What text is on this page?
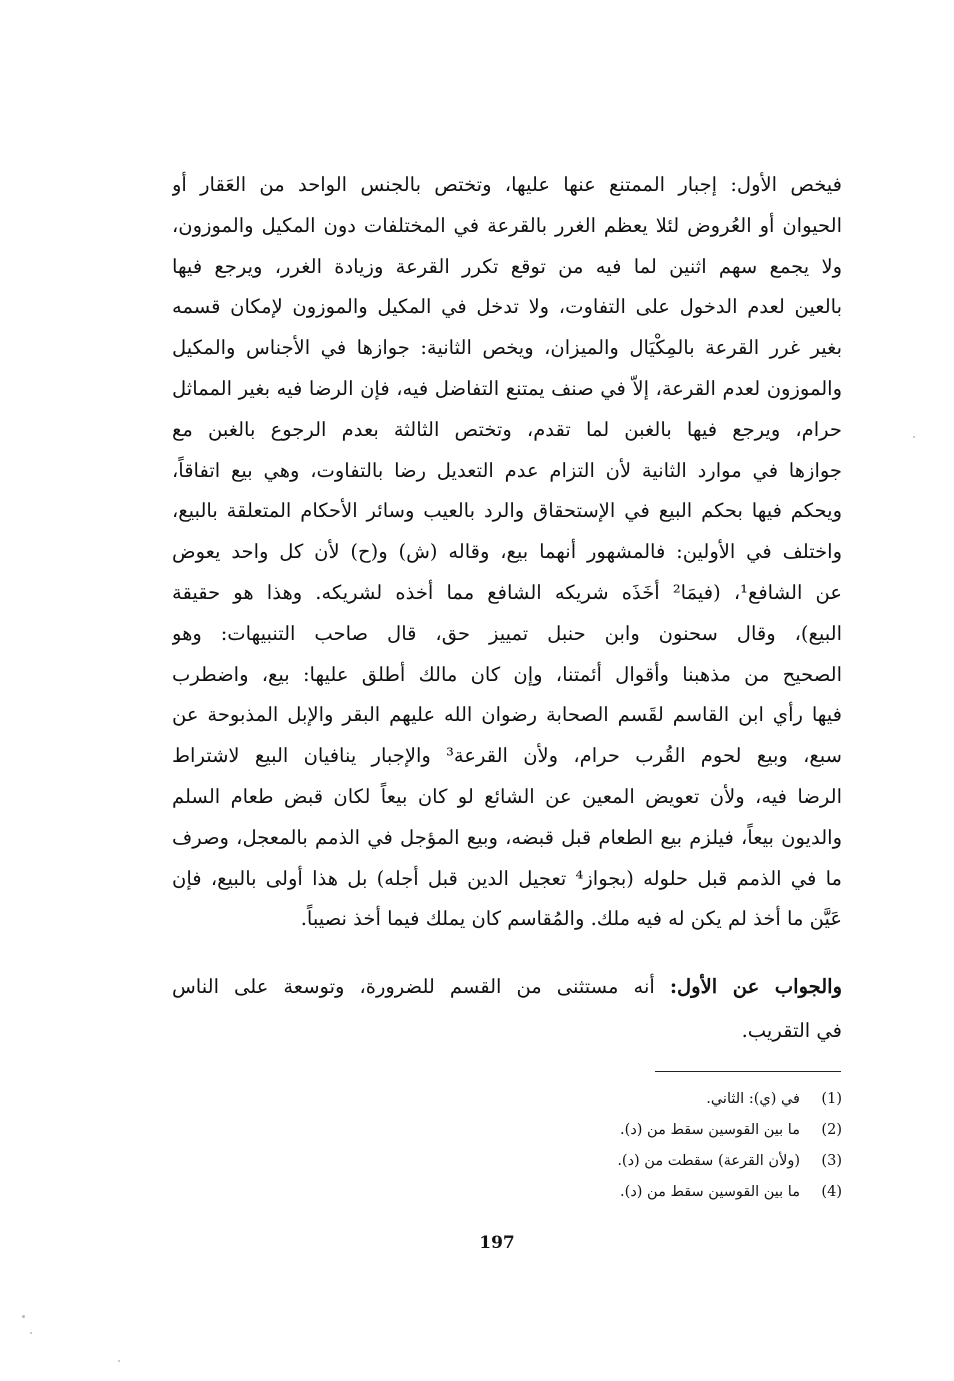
فيخص الأول: إجبار الممتنع عنها عليها، وتختص بالجنس الواحد من العَقار أو
الحيوان أو العُروض لئلا يعظم الغرر بالقرعة في المختلفات دون المكيل والموزون،
ولا يجمع سهم اثنين لما فيه من توقع تكرر القرعة وزيادة الغرر، ويرجع فيها
بالعين لعدم الدخول على التفاوت، ولا تدخل في المكيل والموزون لإمكان قسمه
بغير غرر القرعة بالمِكْيَال والميزان، ويخص الثانية: جوازها في الأجناس والمكيل
والموزون لعدم القرعة، إلاّ في صنف يمتنع التفاضل فيه، فإن الرضا فيه بغير المماثل
حرام، ويرجع فيها بالغبن لما تقدم، وتختص الثالثة بعدم الرجوع بالغبن مع
جوازها في موارد الثانية لأن التزام عدم التعديل رضا بالتفاوت، وهي بيع اتفاقاً،
ويحكم فيها بحكم البيع في الإستحقاق والرد بالعيب وسائر الأحكام المتعلقة بالبيع،
واختلف في الأولين: فالمشهور أنهما بيع، وقاله (ش) و(ح) لأن كل واحد يعوض
عن الشافع¹، (فيمَا² أخَذَه شريكه الشافع مما أخذه لشريكه. وهذا هو حقيقة
البيع)، وقال سحنون وابن حنبل تمييز حق، قال صاحب التنبيهات: وهو
الصحيح من مذهبنا وأقوال أئمتنا، وإن كان مالك أطلق عليها: بيع، واضطرب
فيها رأي ابن القاسم لقَسم الصحابة رضوان الله عليهم البقر والإبل المذبوحة عن
سبع، وبيع لحوم القُرب حرام، ولأن القرعة³ والإجبار ينافيان البيع لاشتراط
الرضا فيه، ولأن تعويض المعين عن الشائع لو كان بيعاً لكان قبض طعام السلم
والديون بيعاً، فيلزم بيع الطعام قبل قبضه، وبيع المؤجل في الذمم بالمعجل، وصرف
ما في الذمم قبل حلوله (بجواز⁴ تعجيل الدين قبل أجله) بل هذا أولى بالبيع، فإن
عَيَّن ما أخذ لم يكن له فيه ملك. والمُقاسم كان يملك فيما أخذ نصيباً.
والجواب عن الأول: أنه مستثنى من القسم للضرورة، وتوسعة على الناس
في التقريب.
(1)
في (ي): الثاني.
(2)
ما بين القوسين سقط من (د).
(3)
(ولأن القرعة) سقطت من (د).
(4)
ما بين القوسين سقط من (د).
197
